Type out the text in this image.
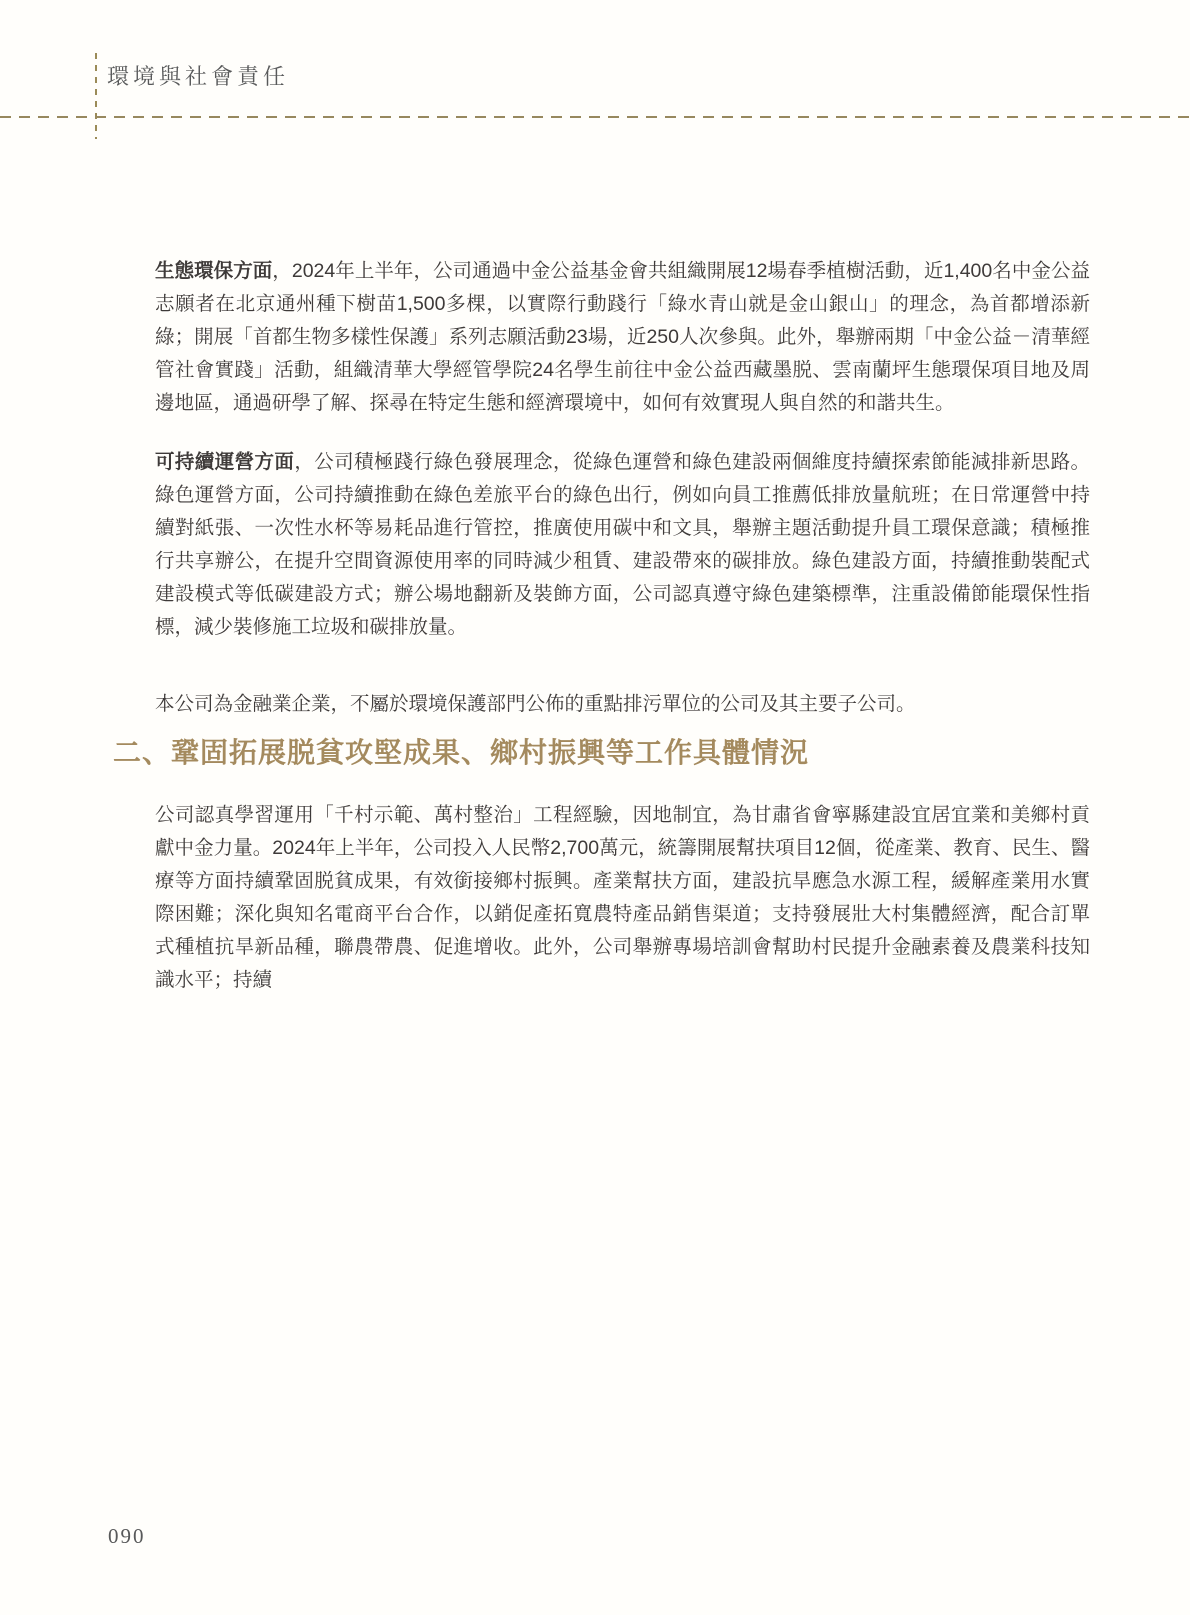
環境與社會責任

生態環保方面，2024年上半年，公司通過中金公益基金會共組織開展12場春季植樹活動，近1,400名中金公益志願者在北京通州種下樹苗1,500多棵，以實際行動踐行「綠水青山就是金山銀山」的理念，為首都增添新綠；開展「首都生物多樣性保護」系列志願活動23場，近250人次參與。此外，舉辦兩期「中金公益－清華經管社會實踐」活動，組織清華大學經管學院24名學生前往中金公益西藏墨脱、雲南蘭坪生態環保項目地及周邊地區，通過研學了解、探尋在特定生態和經濟環境中，如何有效實現人與自然的和諧共生。

可持續運營方面，公司積極踐行綠色發展理念，從綠色運營和綠色建設兩個維度持續探索節能減排新思路。綠色運營方面，公司持續推動在綠色差旅平台的綠色出行，例如向員工推薦低排放量航班；在日常運營中持續對紙張、一次性水杯等易耗品進行管控，推廣使用碳中和文具，舉辦主題活動提升員工環保意識；積極推行共享辦公，在提升空間資源使用率的同時減少租賃、建設帶來的碳排放。綠色建設方面，持續推動裝配式建設模式等低碳建設方式；辦公場地翻新及裝飾方面，公司認真遵守綠色建築標準，注重設備節能環保性指標，減少裝修施工垃圾和碳排放量。

本公司為金融業企業，不屬於環境保護部門公佈的重點排污單位的公司及其主要子公司。

二、鞏固拓展脱貧攻堅成果、鄉村振興等工作具體情況

公司認真學習運用「千村示範、萬村整治」工程經驗，因地制宜，為甘肅省會寧縣建設宜居宜業和美鄉村貢獻中金力量。2024年上半年，公司投入人民幣2,700萬元，統籌開展幫扶項目12個，從產業、教育、民生、醫療等方面持續鞏固脱貧成果，有效銜接鄉村振興。產業幫扶方面，建設抗旱應急水源工程，緩解產業用水實際困難；深化與知名電商平台合作，以銷促產拓寬農特產品銷售渠道；支持發展壯大村集體經濟，配合訂單式種植抗旱新品種，聯農帶農、促進增收。此外，公司舉辦專場培訓會幫助村民提升金融素養及農業科技知識水平；持續

090
